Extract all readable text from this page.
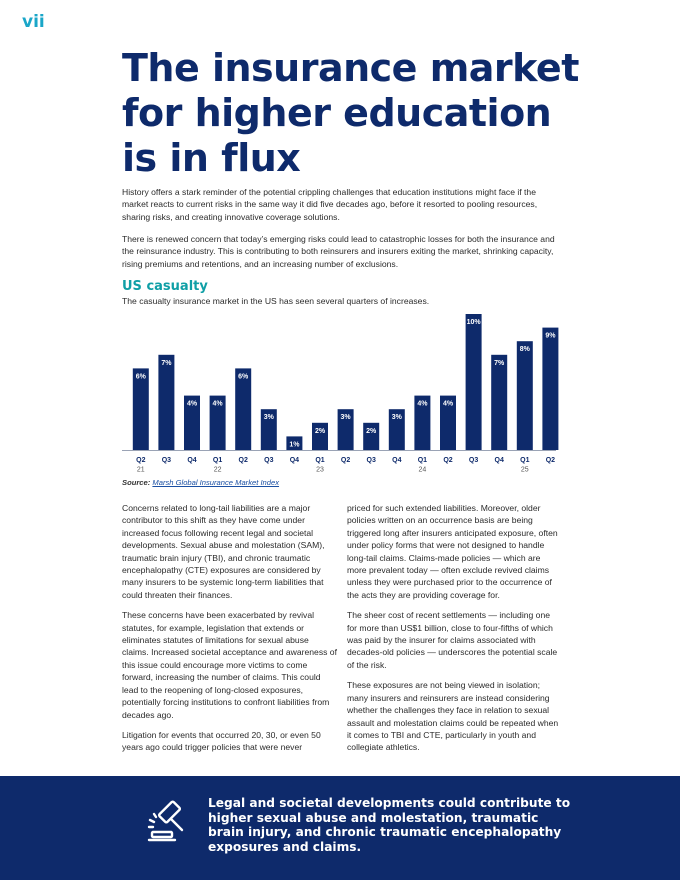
vii
The insurance market for higher education is in flux

History offers a stark reminder of the potential crippling challenges that education institutions might face if the market reacts to current risks in the same way it did five decades ago, before it resorted to pooling resources, sharing risks, and creating innovative coverage solutions.

There is renewed concern that today’s emerging risks could lead to catastrophic losses for both the insurance and the reinsurance industry. This is contributing to both reinsurers and insurers exiting the market, shrinking capacity, rising premiums and retentions, and an increasing number of exclusions.

US casualty

The casualty insurance market in the US has seen several quarters of increases.

6%
Q2
21
7%
Q3
4%
Q4
4%
Q1
22
6%
Q2
3%
Q3
1%
Q4
2%
Q1
23
3%
Q2
2%
Q3
3%
Q4
4%
Q1
24
4%
Q2
10%
Q3
7%
Q4
8%
Q1
25
9%
Q2
Source: Marsh Global Insurance Market Index

Concerns related to long-tail liabilities are a major contributor to this shift as they have come under increased focus following recent legal and societal developments. Sexual abuse and molestation (SAM), traumatic brain injury (TBI), and chronic traumatic encephalopathy (CTE) exposures are considered by many insurers to be systemic long-term liabilities that could threaten their finances.

These concerns have been exacerbated by revival statutes, for example, legislation that extends or eliminates statutes of limitations for sexual abuse claims. Increased societal acceptance and awareness of this issue could encourage more victims to come forward, increasing the number of claims. This could lead to the reopening of long-closed exposures, potentially forcing institutions to confront liabilities from decades ago.

Litigation for events that occurred 20, 30, or even 50 years ago could trigger policies that were never

priced for such extended liabilities. Moreover, older policies written on an occurrence basis are being triggered long after insurers anticipated exposure, often under policy forms that were not designed to handle long-tail claims. Claims-made policies — which are more prevalent today — often exclude revived claims unless they were purchased prior to the occurrence of the acts they are providing coverage for.

The sheer cost of recent settlements — including one for more than US$1 billion, close to four-fifths of which was paid by the insurer for claims associated with decades-old policies — underscores the potential scale of the risk.

These exposures are not being viewed in isolation; many insurers and reinsurers are instead considering whether the challenges they face in relation to sexual assault and molestation claims could be repeated when it comes to TBI and CTE, particularly in youth and collegiate athletics.

Legal and societal developments could contribute to higher sexual abuse and molestation, traumatic brain injury, and chronic traumatic encephalopathy exposures and claims.
